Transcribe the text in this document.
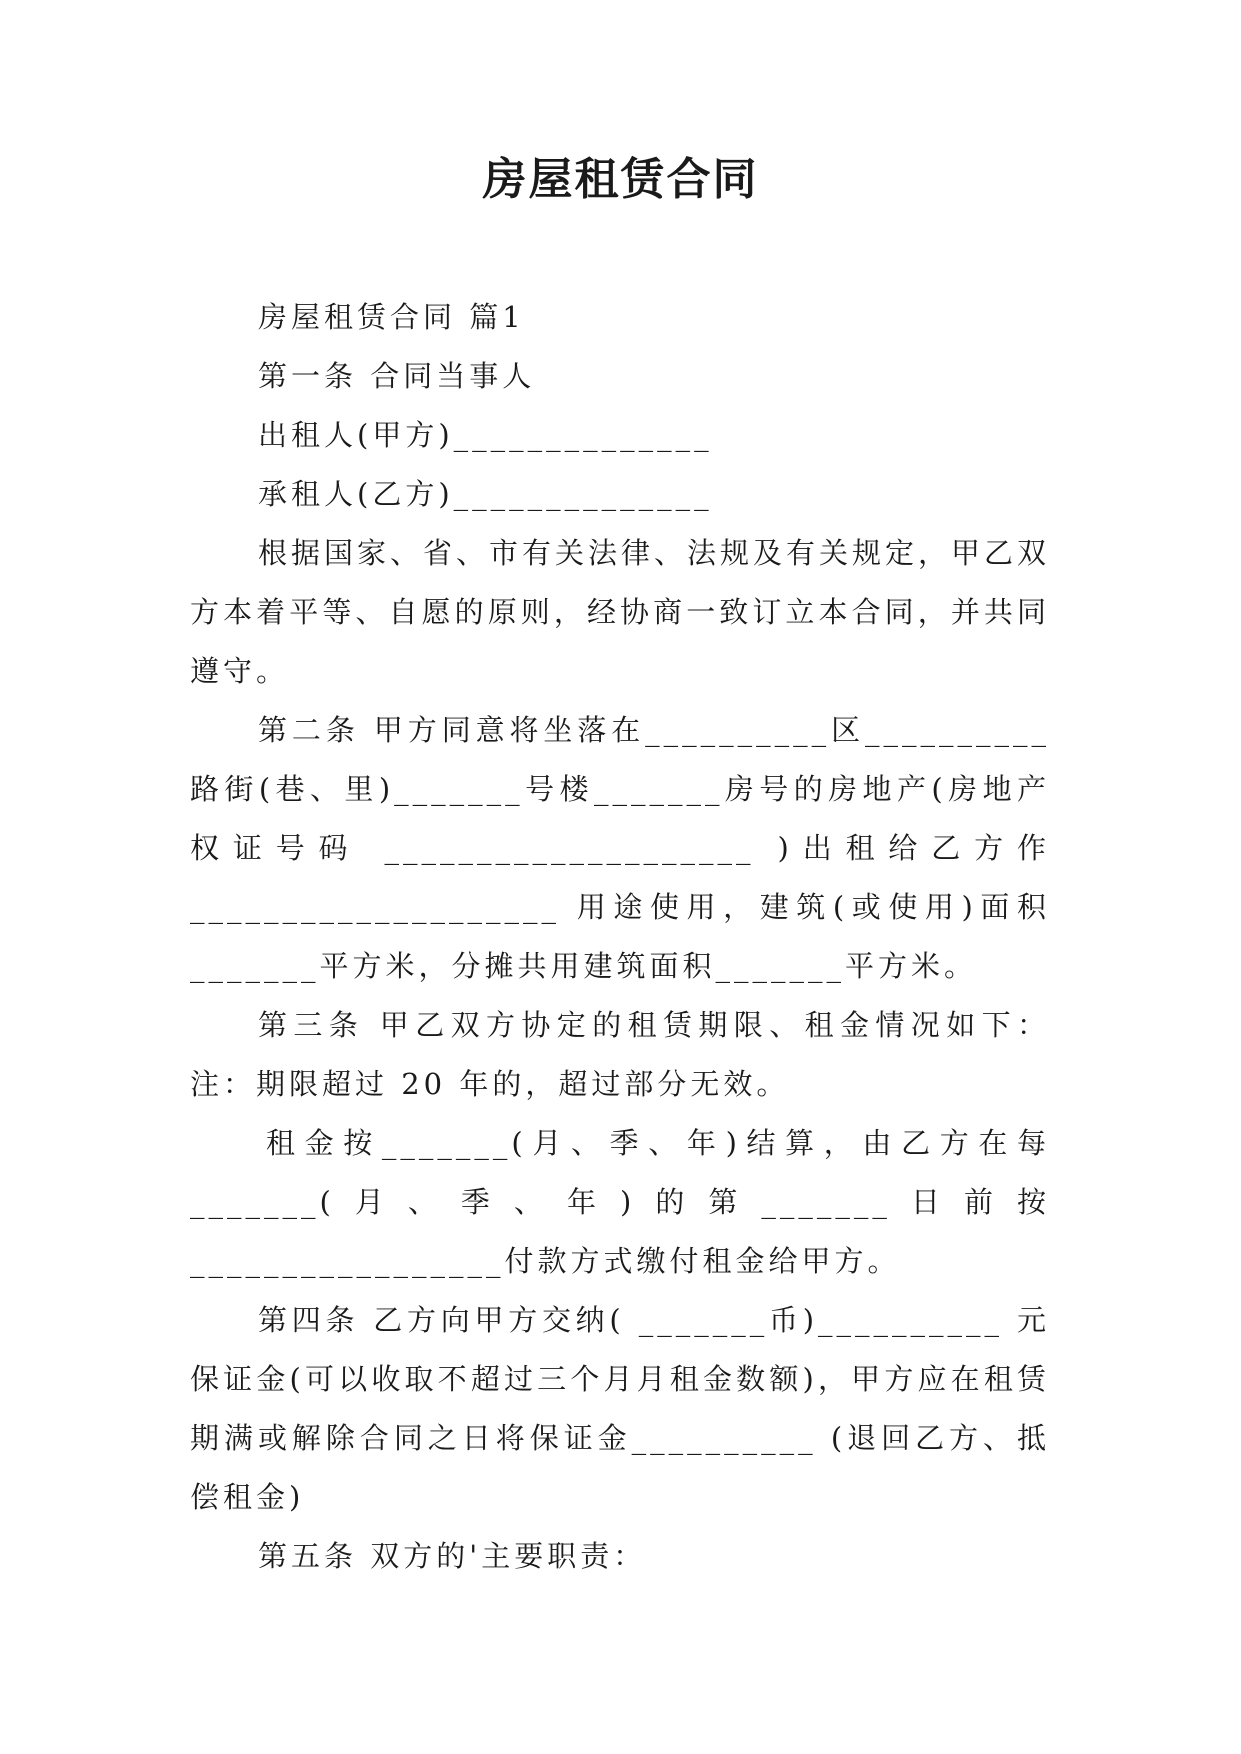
房屋租赁合同

房屋租赁合同 篇1

第一条 合同当事人

出租人(甲方)______________

承租人(乙方)______________

根据国家、省、市有关法律、法规及有关规定，甲乙双方本着平等、自愿的原则，经协商一致订立本合同，并共同遵守。

第二条 甲方同意将坐落在__________区__________ 路街(巷、里)_______号楼_______房号的房地产(房地产权证号码 ____________________ )出租给乙方作____________________ 用途使用，建筑(或使用)面积_______平方米，分摊共用建筑面积_______平方米。

第三条 甲乙双方协定的租赁期限、租金情况如下：注：期限超过 20 年的，超过部分无效。

租金按_______(月、季、年)结算，由乙方在每_______(月、季、年)的第_______日前按_________________付款方式缴付租金给甲方。

第四条 乙方向甲方交纳( _______币)__________ 元保证金(可以收取不超过三个月月租金数额)，甲方应在租赁期满或解除合同之日将保证金__________ (退回乙方、抵偿租金)

第五条 双方的'主要职责：
